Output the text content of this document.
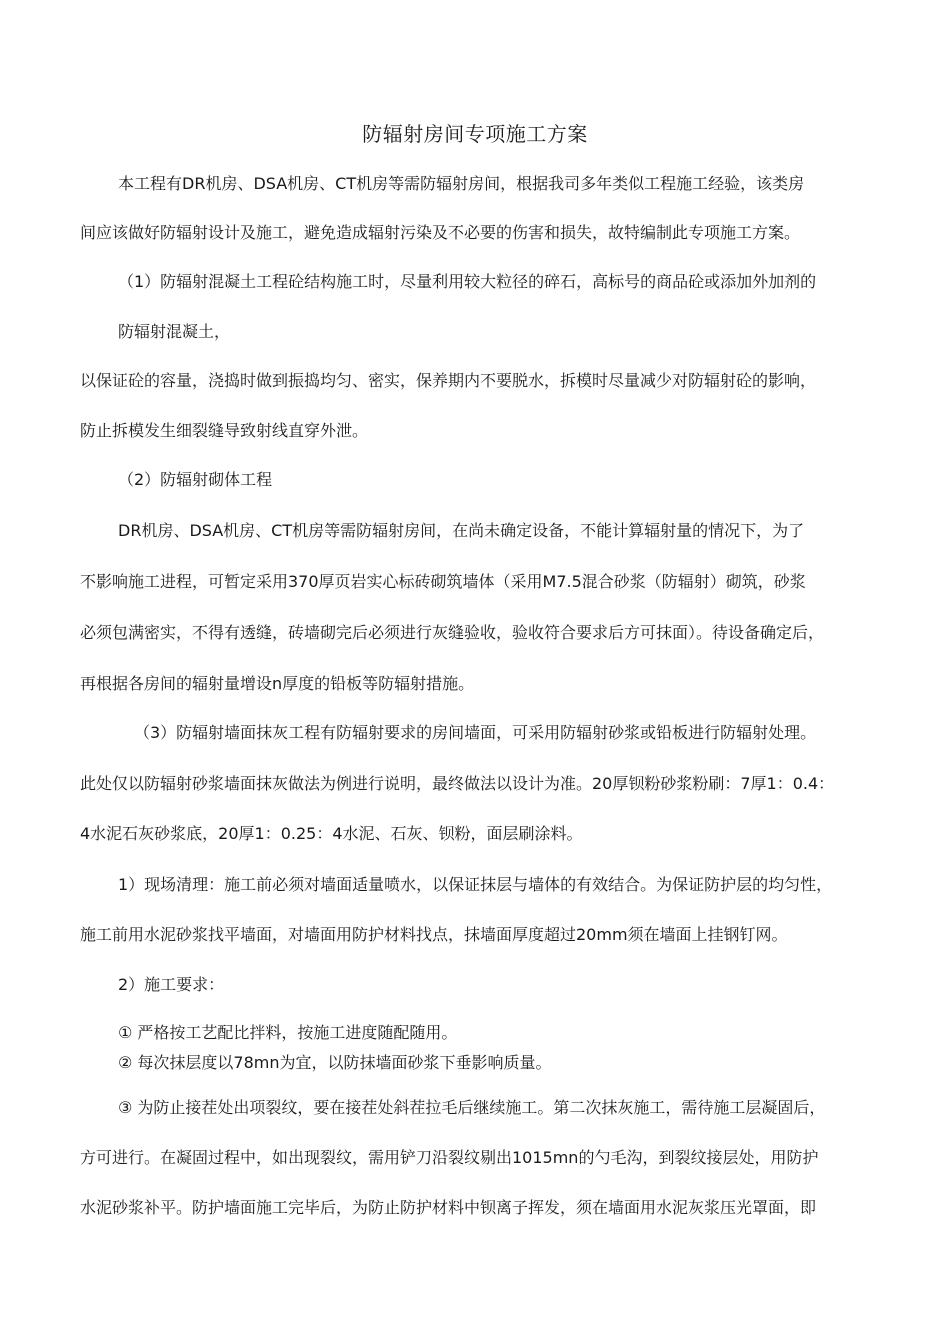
防辐射房间专项施工方案
本工程有DR机房、DSA机房、CT机房等需防辐射房间，根据我司多年类似工程施工经验，该类房
间应该做好防辐射设计及施工，避免造成辐射污染及不必要的伤害和损失，故特编制此专项施工方案。
（1）防辐射混凝土工程砼结构施工时，尽量利用较大粒径的碎石，高标号的商品砼或添加外加剂的
防辐射混凝土，
以保证砼的容量，浇捣时做到振捣均匀、密实，保养期内不要脱水，拆模时尽量减少对防辐射砼的影响，
防止拆模发生细裂缝导致射线直穿外泄。
（2）防辐射砌体工程
DR机房、DSA机房、CT机房等需防辐射房间，在尚未确定设备，不能计算辐射量的情况下，为了
不影响施工进程，可暂定采用370厚页岩实心标砖砌筑墙体（采用M7.5混合砂浆（防辐射）砌筑，砂浆
必须包满密实，不得有透缝，砖墙砌完后必须进行灰缝验收，验收符合要求后方可抹面）。待设备确定后，
再根据各房间的辐射量增设n厚度的铅板等防辐射措施。
（3）防辐射墙面抹灰工程有防辐射要求的房间墙面，可采用防辐射砂浆或铅板进行防辐射处理。
此处仅以防辐射砂浆墙面抹灰做法为例进行说明，最终做法以设计为准。20厚钡粉砂浆粉刷：7厚1：0.4：
4水泥石灰砂浆底，20厚1：0.25：4水泥、石灰、钡粉，面层刷涂料。
1）现场清理：施工前必须对墙面适量喷水，以保证抹层与墙体的有效结合。为保证防护层的均匀性，
施工前用水泥砂浆找平墙面，对墙面用防护材料找点，抹墙面厚度超过20mm须在墙面上挂钢钉网。
2）施工要求：
① 严格按工艺配比拌料，按施工进度随配随用。
② 每次抹层度以78mn为宜，以防抹墙面砂浆下垂影响质量。
③ 为防止接茬处出项裂纹，要在接茬处斜茬拉毛后继续施工。第二次抹灰施工，需待施工层凝固后，
方可进行。在凝固过程中，如出现裂纹，需用铲刀沿裂纹剔出1015mn的勺毛沟，到裂纹接层处，用防护
水泥砂浆补平。防护墙面施工完毕后，为防止防护材料中钡离子挥发，须在墙面用水泥灰浆压光罩面，即
